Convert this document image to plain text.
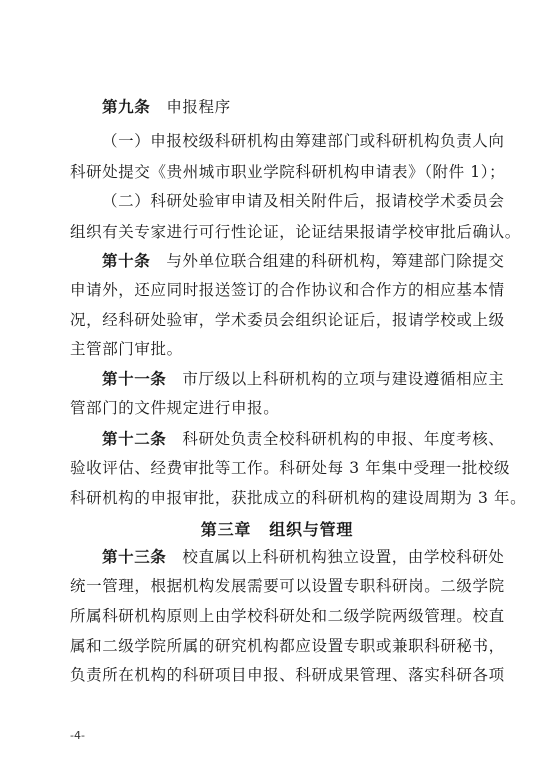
第九条 申报程序
（一）申报校级科研机构由筹建部门或科研机构负责人向
科研处提交《贵州城市职业学院科研机构申请表》（附件 1）；
（二）科研处验审申请及相关附件后，报请校学术委员会
组织有关专家进行可行性论证，论证结果报请学校审批后确认。
第十条 与外单位联合组建的科研机构，筹建部门除提交
申请外，还应同时报送签订的合作协议和合作方的相应基本情
况，经科研处验审，学术委员会组织论证后，报请学校或上级
主管部门审批。
第十一条 市厅级以上科研机构的立项与建设遵循相应主
管部门的文件规定进行申报。
第十二条 科研处负责全校科研机构的申报、年度考核、
验收评估、经费审批等工作。科研处每 3 年集中受理一批校级
科研机构的申报审批，获批成立的科研机构的建设周期为 3 年。
第三章 组织与管理
第十三条 校直属以上科研机构独立设置，由学校科研处
统一管理，根据机构发展需要可以设置专职科研岗。二级学院
所属科研机构原则上由学校科研处和二级学院两级管理。校直
属和二级学院所属的研究机构都应设置专职或兼职科研秘书，
负责所在机构的科研项目申报、科研成果管理、落实科研各项
-4-
